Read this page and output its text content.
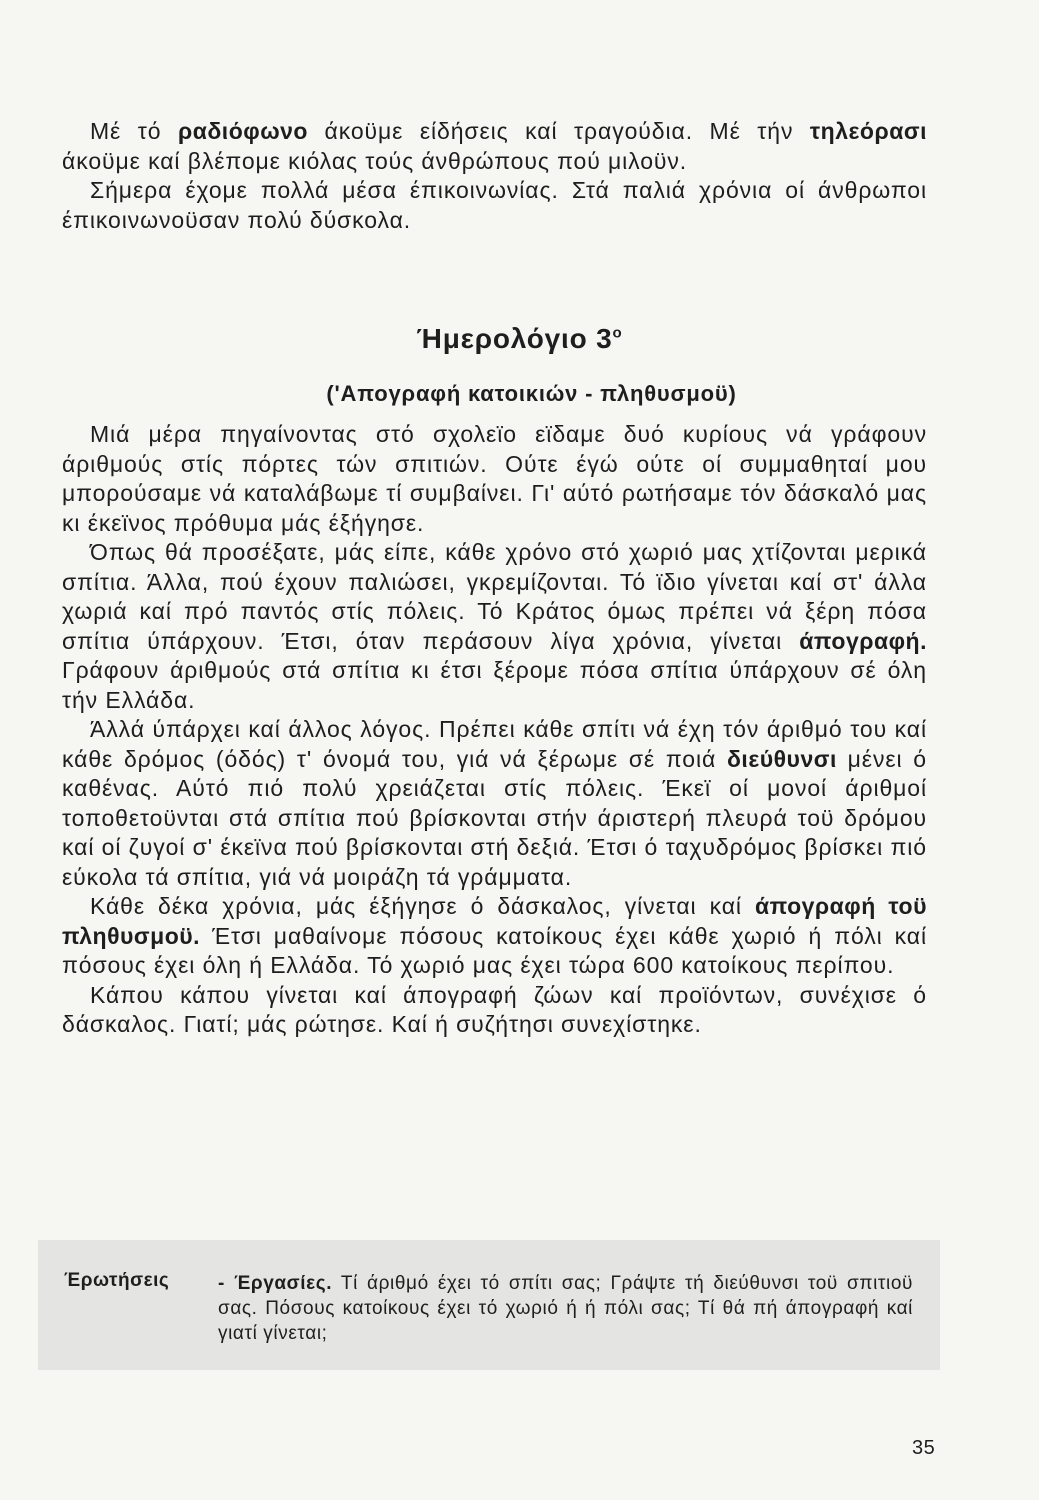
Μέ τό ραδιόφωνο άκοϋμε είδήσεις καί τραγούδια. Μέ τήν τηλεόρασι άκοϋμε καί βλέπομε κιόλας τούς άνθρώπους πού μιλοϋν.

Σήμερα έχομε πολλά μέσα έπικοινωνίας. Στά παλιά χρόνια οί άνθρωποι έπικοινωνοϋσαν πολύ δύσκολα.

Ήμερολόγιο $3^o$
('Απογραφή κατοικιών - πληθυσμοϋ)

Μιά μέρα πηγαίνοντας στό σχολεϊο εϊδαμε δυό κυρίους νά γράφουν άριθμούς στίς πόρτες τών σπιτιών. Ούτε έγώ ούτε οί συμμαθηταί μου μπορούσαμε νά καταλάβωμε τί συμβαίνει. Γι' αύτό ρωτήσαμε τόν δάσκαλό μας κι έκεϊνος πρόθυμα μάς έξήγησε.

Όπως θά προσέξατε, μάς είπε, κάθε χρόνο στό χωριό μας χτίζονται μερικά σπίτια. Άλλα, πού έχουν παλιώσει, γκρεμίζονται. Τό ϊδιο γίνεται καί στ' άλλα χωριά καί πρό παντός στίς πόλεις. Τό Κράτος όμως πρέπει νά ξέρη πόσα σπίτια ύπάρχουν. Έτσι, όταν περάσουν λίγα χρόνια, γίνεται άπογραφή. Γράφουν άριθμούς στά σπίτια κι έτσι ξέρομε πόσα σπίτια ύπάρχουν σέ όλη τήν Ελλάδα.

Άλλά ύπάρχει καί άλλος λόγος. Πρέπει κάθε σπίτι νά έχη τόν άριθμό του καί κάθε δρόμος (όδός) τ' όνομά του, γιά νά ξέρωμε σέ ποιά διεύθυνσι μένει ό καθένας. Αύτό πιό πολύ χρειάζεται στίς πόλεις. Έκεϊ οί μονοί άριθμοί τοποθετοϋνται στά σπίτια πού βρίσκονται στήν άριστερή πλευρά τοϋ δρόμου καί οί ζυγοί σ' έκεϊνα πού βρίσκονται στή δεξιά. Έτσι ό ταχυδρόμος βρίσκει πιό εύκολα τά σπίτια, γιά νά μοιράζη τά γράμματα.

Κάθε δέκα χρόνια, μάς έξήγησε ό δάσκαλος, γίνεται καί άπογραφή τοϋ πληθυσμοϋ. Έτσι μαθαίνομε πόσους κατοίκους έχει κάθε χωριό ή πόλι καί πόσους έχει όλη ή Ελλάδα. Τό χωριό μας έχει τώρα 600 κατοίκους περίπου.

Κάπου κάπου γίνεται καί άπογραφή ζώων καί προϊόντων, συνέχισε ό δάσκαλος. Γιατί; μάς ρώτησε. Καί ή συζήτησι συνεχίστηκε.

Έρωτήσεις	- Έργασίες. Τί άριθμό έχει τό σπίτι σας; Γράψτε τή διεύθυνσι τοϋ σπιτιοϋ σας. Πόσους κατοίκους έχει τό χωριό ή ή πόλι σας; Τί θά πή άπογραφή καί γιατί γίνεται;
35
